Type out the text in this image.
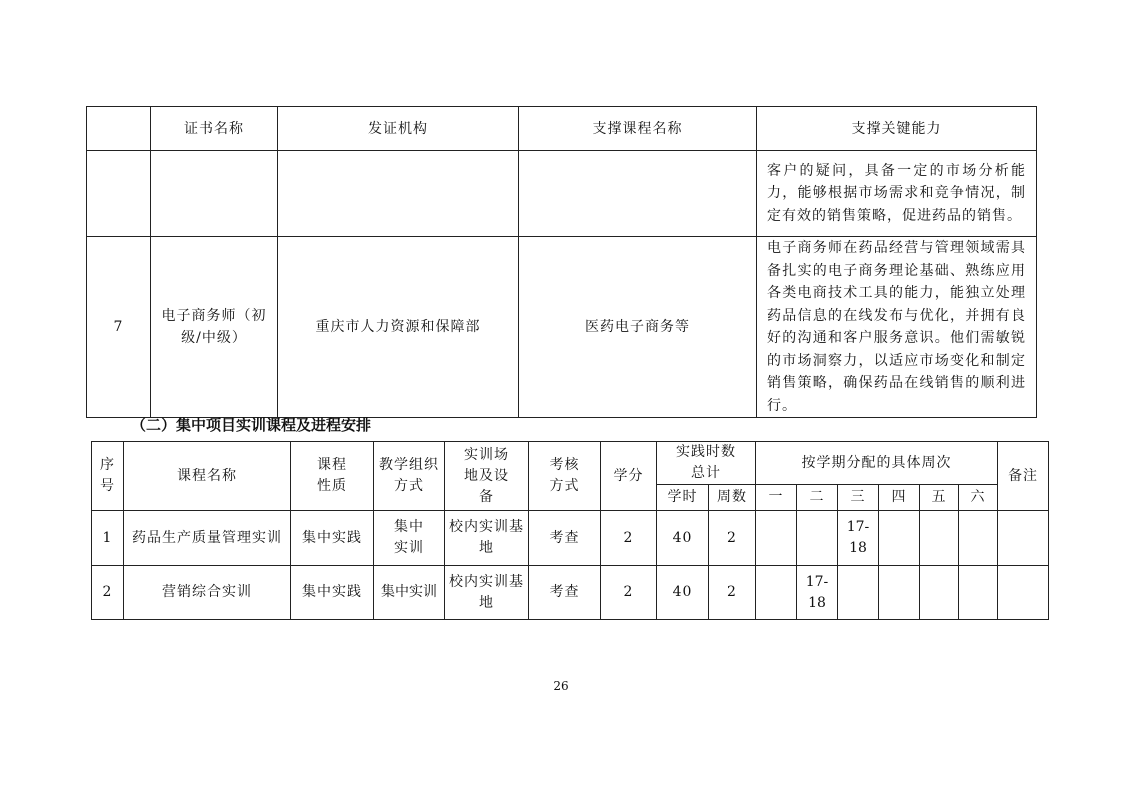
	证书名称	发证机构	支撑课程名称	支撑关键能力
				客户的疑问，具备一定的市场分析能力，能够根据市场需求和竞争情况，制定有效的销售策略，促进药品的销售。
7	电子商务师（初级/中级）	重庆市人力资源和保障部	医药电子商务等	电子商务师在药品经营与管理领域需具备扎实的电子商务理论基础、熟练应用各类电商技术工具的能力，能独立处理药品信息的在线发布与优化，并拥有良好的沟通和客户服务意识。他们需敏锐的市场洞察力，以适应市场变化和制定销售策略，确保药品在线销售的顺利进行。
（二）集中项目实训课程及进程安排
序号	课程名称	课程性质	教学组织方式	实训场地及设备	考核方式	学分	实践时数总计		按学期分配的具体周次						备注
							学时	周数	一	二	三	四	五	六	
1	药品生产质量管理实训	集中实践	集中实训	校内实训基地	考查	2	40	2			17-18				
2	营销综合实训	集中实践	集中实训	校内实训基地	考查	2	40	2		17-18					
26
